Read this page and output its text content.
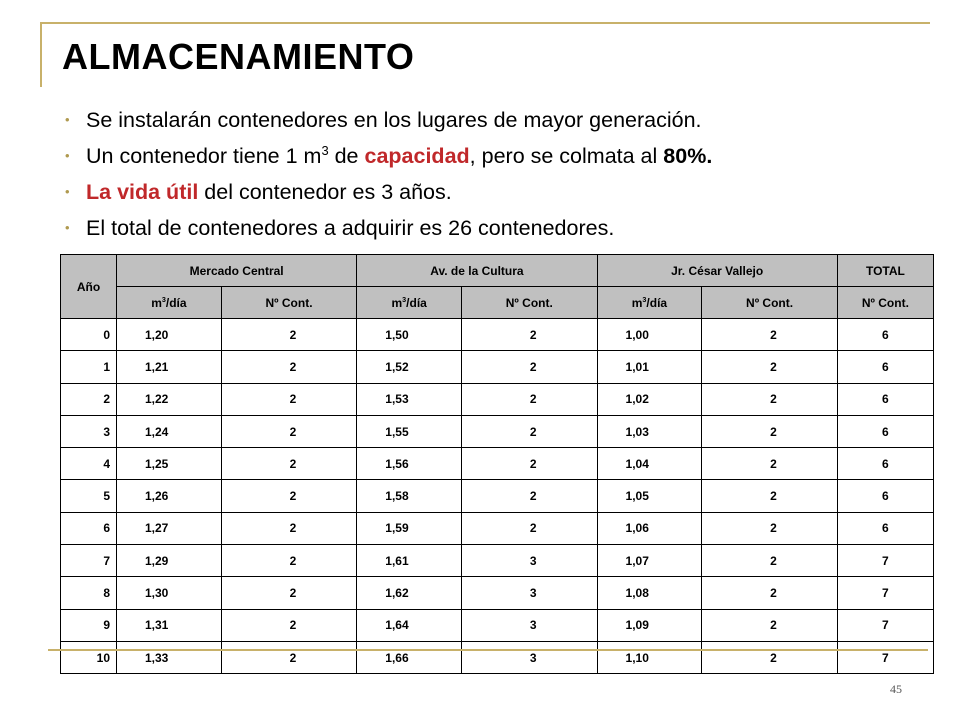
ALMACENAMIENTO
• Se instalarán contenedores en los lugares de mayor generación.
• Un contenedor tiene 1 $m^3$ de capacidad, pero se colmata al 80%.
• La vida útil del contenedor es 3 años.
• El total de contenedores a adquirir es 26 contenedores.
Año	Mercado Central		Av. de la Cultura		Jr. César Vallejo		TOTAL
	$m^3$/día	Nº Cont.	$m^3$/día	Nº Cont.	$m^3$/día	Nº Cont.	Nº Cont.
0	1,20	2	1,50	2	1,00	2	6
1	1,21	2	1,52	2	1,01	2	6
2	1,22	2	1,53	2	1,02	2	6
3	1,24	2	1,55	2	1,03	2	6
4	1,25	2	1,56	2	1,04	2	6
5	1,26	2	1,58	2	1,05	2	6
6	1,27	2	1,59	2	1,06	2	6
7	1,29	2	1,61	3	1,07	2	7
8	1,30	2	1,62	3	1,08	2	7
9	1,31	2	1,64	3	1,09	2	7
10	1,33	2	1,66	3	1,10	2	7
45
